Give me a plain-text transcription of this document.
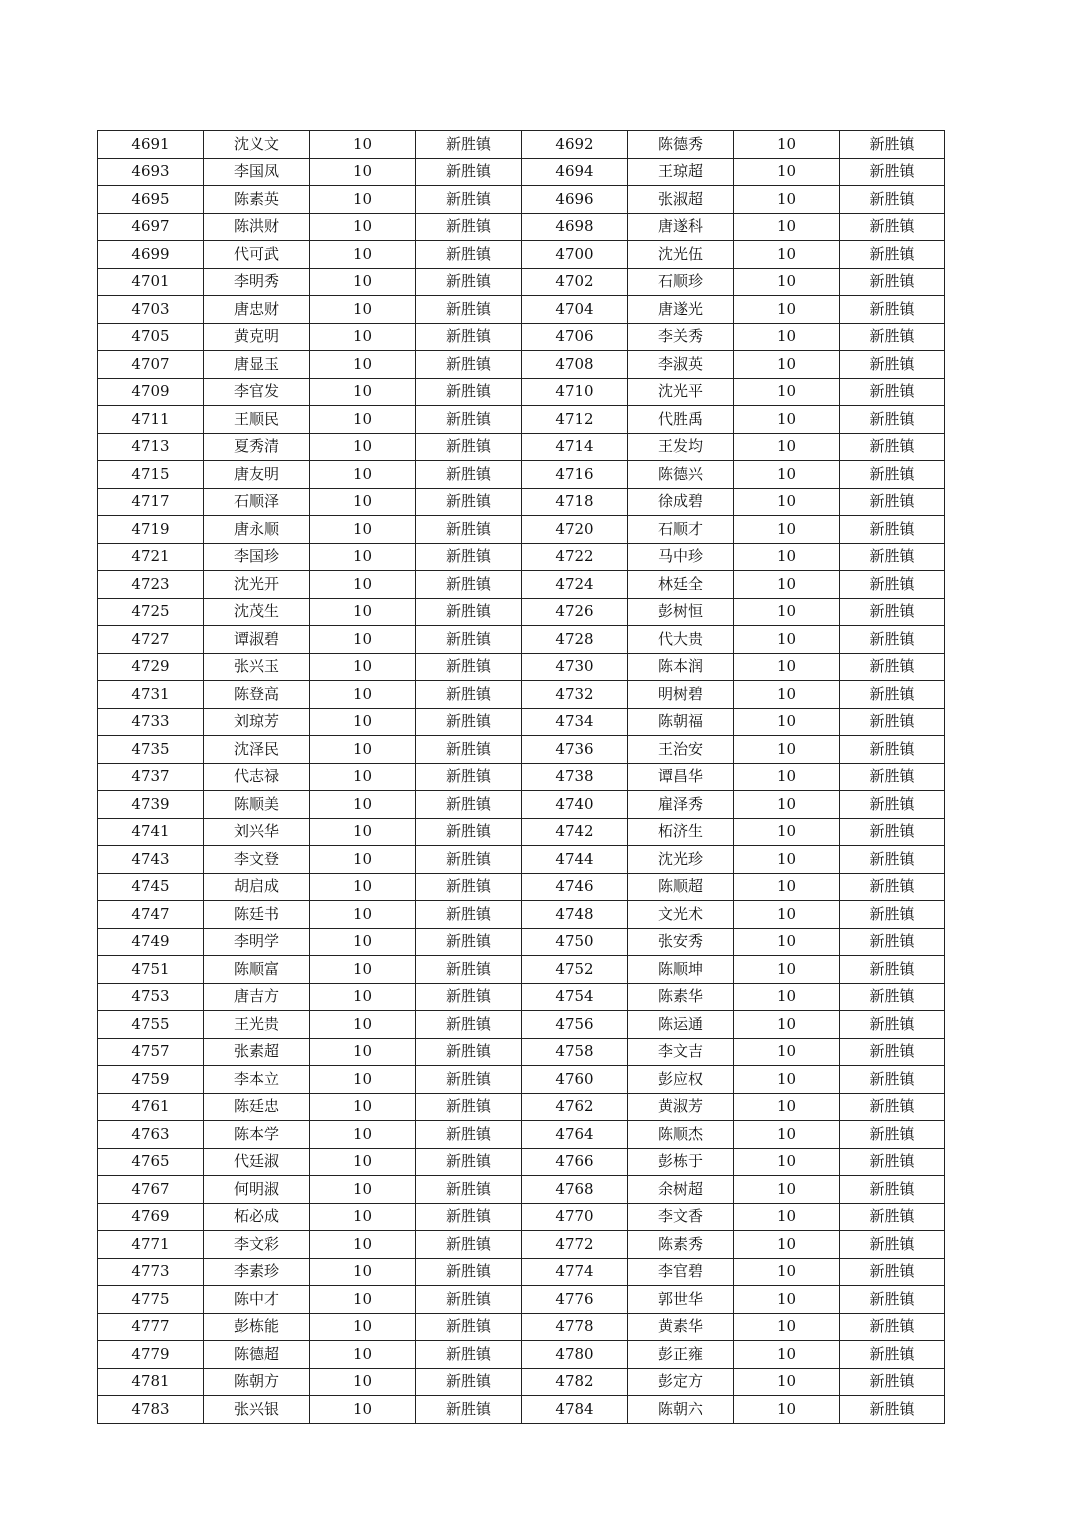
4691	沈义文	10	新胜镇	4692	陈德秀	10	新胜镇
4693	李国凤	10	新胜镇	4694	王琼超	10	新胜镇
4695	陈素英	10	新胜镇	4696	张淑超	10	新胜镇
4697	陈洪财	10	新胜镇	4698	唐遂科	10	新胜镇
4699	代可武	10	新胜镇	4700	沈光伍	10	新胜镇
4701	李明秀	10	新胜镇	4702	石顺珍	10	新胜镇
4703	唐忠财	10	新胜镇	4704	唐遂光	10	新胜镇
4705	黄克明	10	新胜镇	4706	李关秀	10	新胜镇
4707	唐显玉	10	新胜镇	4708	李淑英	10	新胜镇
4709	李官发	10	新胜镇	4710	沈光平	10	新胜镇
4711	王顺民	10	新胜镇	4712	代胜禹	10	新胜镇
4713	夏秀清	10	新胜镇	4714	王发均	10	新胜镇
4715	唐友明	10	新胜镇	4716	陈德兴	10	新胜镇
4717	石顺泽	10	新胜镇	4718	徐成碧	10	新胜镇
4719	唐永顺	10	新胜镇	4720	石顺才	10	新胜镇
4721	李国珍	10	新胜镇	4722	马中珍	10	新胜镇
4723	沈光开	10	新胜镇	4724	林廷全	10	新胜镇
4725	沈茂生	10	新胜镇	4726	彭树恒	10	新胜镇
4727	谭淑碧	10	新胜镇	4728	代大贵	10	新胜镇
4729	张兴玉	10	新胜镇	4730	陈本润	10	新胜镇
4731	陈登高	10	新胜镇	4732	明树碧	10	新胜镇
4733	刘琼芳	10	新胜镇	4734	陈朝福	10	新胜镇
4735	沈泽民	10	新胜镇	4736	王治安	10	新胜镇
4737	代志禄	10	新胜镇	4738	谭昌华	10	新胜镇
4739	陈顺美	10	新胜镇	4740	雇泽秀	10	新胜镇
4741	刘兴华	10	新胜镇	4742	柘济生	10	新胜镇
4743	李文登	10	新胜镇	4744	沈光珍	10	新胜镇
4745	胡启成	10	新胜镇	4746	陈顺超	10	新胜镇
4747	陈廷书	10	新胜镇	4748	文光术	10	新胜镇
4749	李明学	10	新胜镇	4750	张安秀	10	新胜镇
4751	陈顺富	10	新胜镇	4752	陈顺坤	10	新胜镇
4753	唐吉方	10	新胜镇	4754	陈素华	10	新胜镇
4755	王光贵	10	新胜镇	4756	陈运通	10	新胜镇
4757	张素超	10	新胜镇	4758	李文吉	10	新胜镇
4759	李本立	10	新胜镇	4760	彭应权	10	新胜镇
4761	陈廷忠	10	新胜镇	4762	黄淑芳	10	新胜镇
4763	陈本学	10	新胜镇	4764	陈顺杰	10	新胜镇
4765	代廷淑	10	新胜镇	4766	彭栋于	10	新胜镇
4767	何明淑	10	新胜镇	4768	余树超	10	新胜镇
4769	柘必成	10	新胜镇	4770	李文香	10	新胜镇
4771	李文彩	10	新胜镇	4772	陈素秀	10	新胜镇
4773	李素珍	10	新胜镇	4774	李官碧	10	新胜镇
4775	陈中才	10	新胜镇	4776	郭世华	10	新胜镇
4777	彭栋能	10	新胜镇	4778	黄素华	10	新胜镇
4779	陈德超	10	新胜镇	4780	彭正雍	10	新胜镇
4781	陈朝方	10	新胜镇	4782	彭定方	10	新胜镇
4783	张兴银	10	新胜镇	4784	陈朝六	10	新胜镇
